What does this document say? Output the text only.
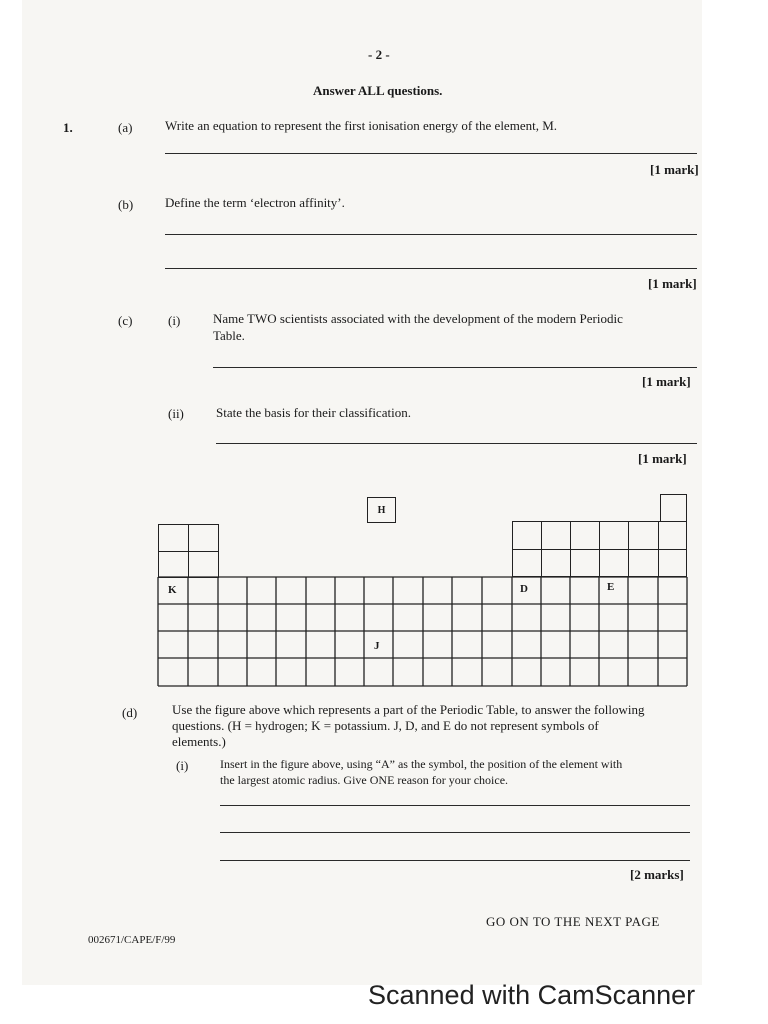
- 2 -
Answer ALL questions.
1.	(a)	Write an equation to represent the first ionisation energy of the element, M.
[1 mark]
(b) Define the term ‘electron affinity’.
[1 mark]
(c)	(i)	Name TWO scientists associated with the development of the modern Periodic
Table.
[1 mark]
(ii) State the basis for their classification.
[1 mark]
H
K	D	E
J
(d)	Use the figure above which represents a part of the Periodic Table, to answer the following
questions. (H = hydrogen; K = potassium. J, D, and E do not represent symbols of
elements.)
(i)	Insert in the figure above, using “A” as the symbol, the position of the element with
the largest atomic radius. Give ONE reason for your choice.
[2 marks]
GO ON TO THE NEXT PAGE
002671/CAPE/F/99
Scanned with CamScanner
